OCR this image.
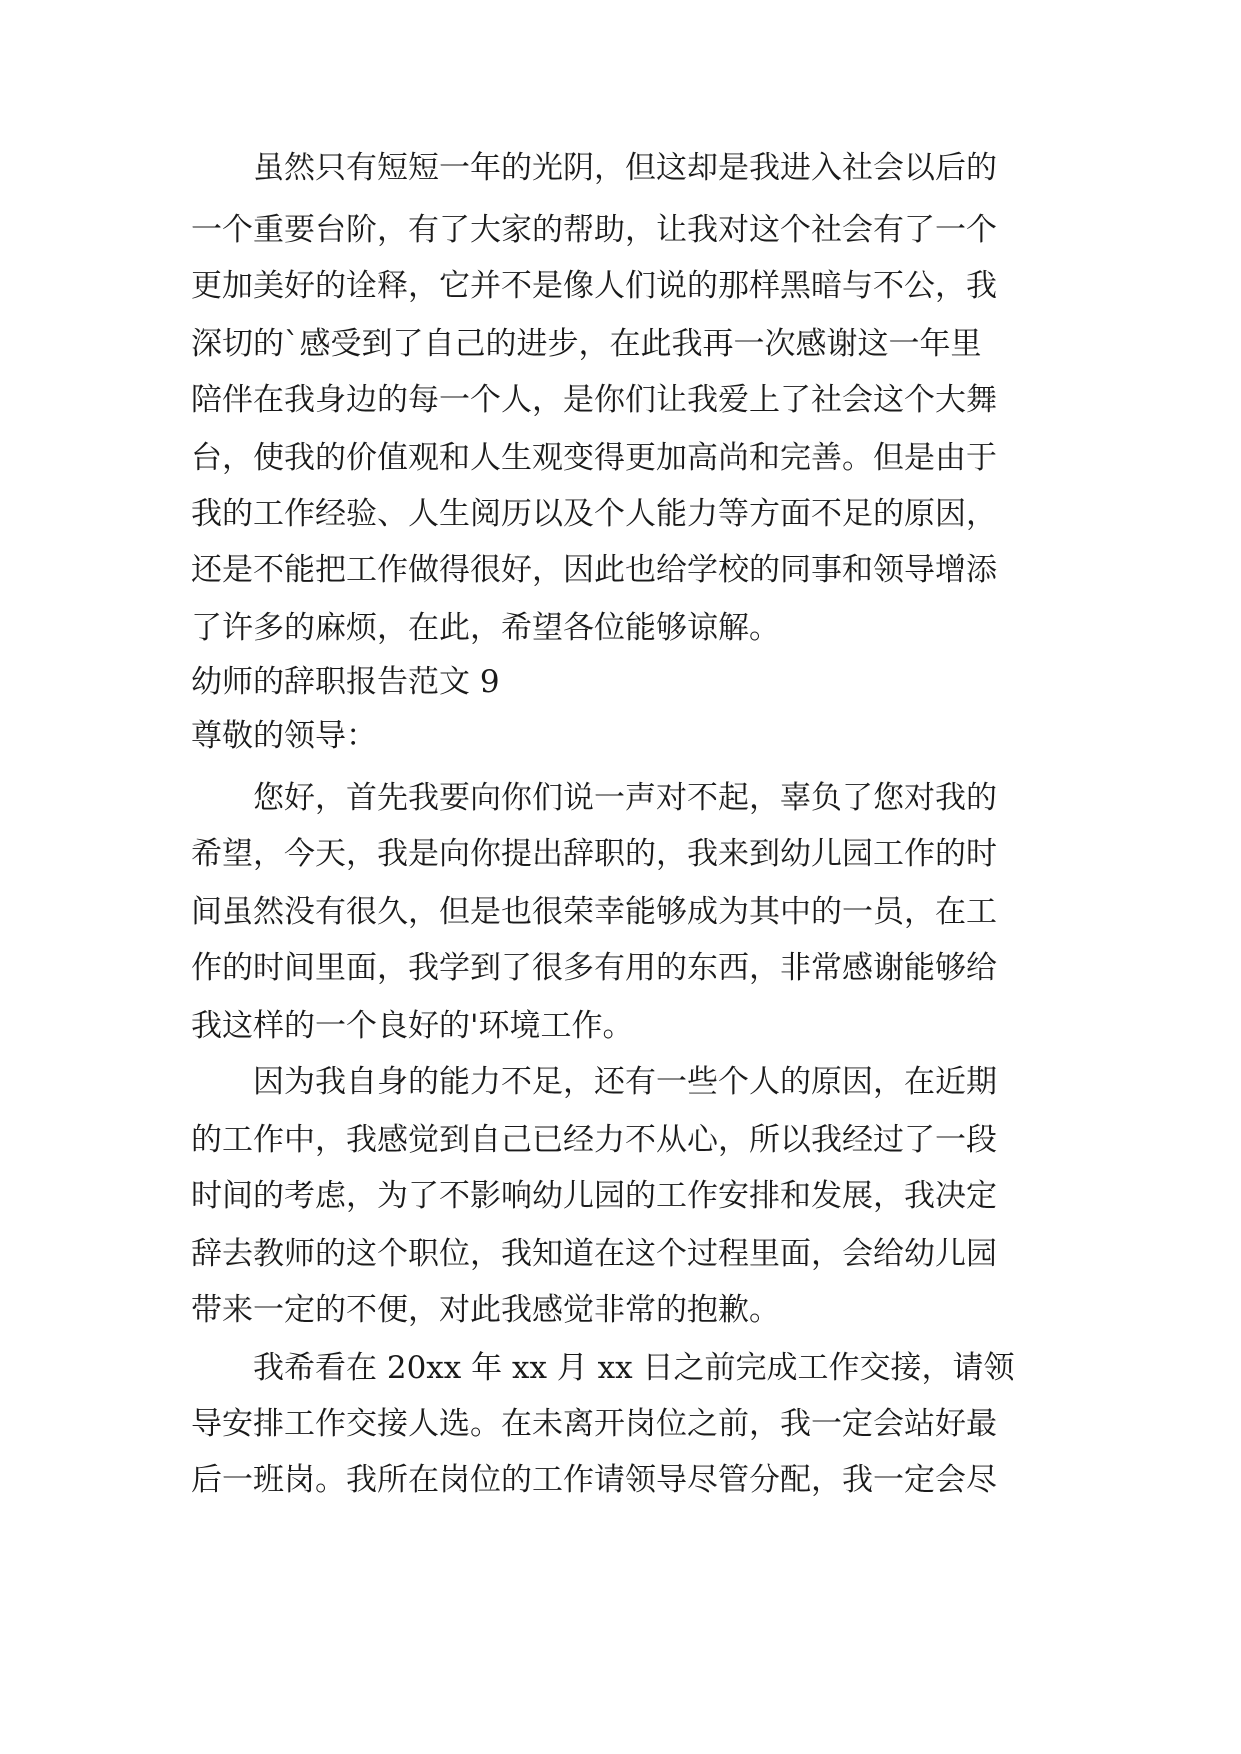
虽然只有短短一年的光阴，但这却是我进入社会以后的
一个重要台阶，有了大家的帮助，让我对这个社会有了一个
更加美好的诠释，它并不是像人们说的那样黑暗与不公，我
深切的`感受到了自己的进步，在此我再一次感谢这一年里
陪伴在我身边的每一个人，是你们让我爱上了社会这个大舞
台，使我的价值观和人生观变得更加高尚和完善。但是由于
我的工作经验、人生阅历以及个人能力等方面不足的原因，
还是不能把工作做得很好，因此也给学校的同事和领导增添
了许多的麻烦，在此，希望各位能够谅解。
幼师的辞职报告范文 9
尊敬的领导：
您好，首先我要向你们说一声对不起，辜负了您对我的
希望，今天，我是向你提出辞职的，我来到幼儿园工作的时
间虽然没有很久，但是也很荣幸能够成为其中的一员，在工
作的时间里面，我学到了很多有用的东西，非常感谢能够给
我这样的一个良好的'环境工作。
因为我自身的能力不足，还有一些个人的原因，在近期
的工作中，我感觉到自己已经力不从心，所以我经过了一段
时间的考虑，为了不影响幼儿园的工作安排和发展，我决定
辞去教师的这个职位，我知道在这个过程里面，会给幼儿园
带来一定的不便，对此我感觉非常的抱歉。
我希看在 20xx 年 xx 月 xx 日之前完成工作交接，请领
导安排工作交接人选。在未离开岗位之前，我一定会站好最
后一班岗。我所在岗位的工作请领导尽管分配，我一定会尽
